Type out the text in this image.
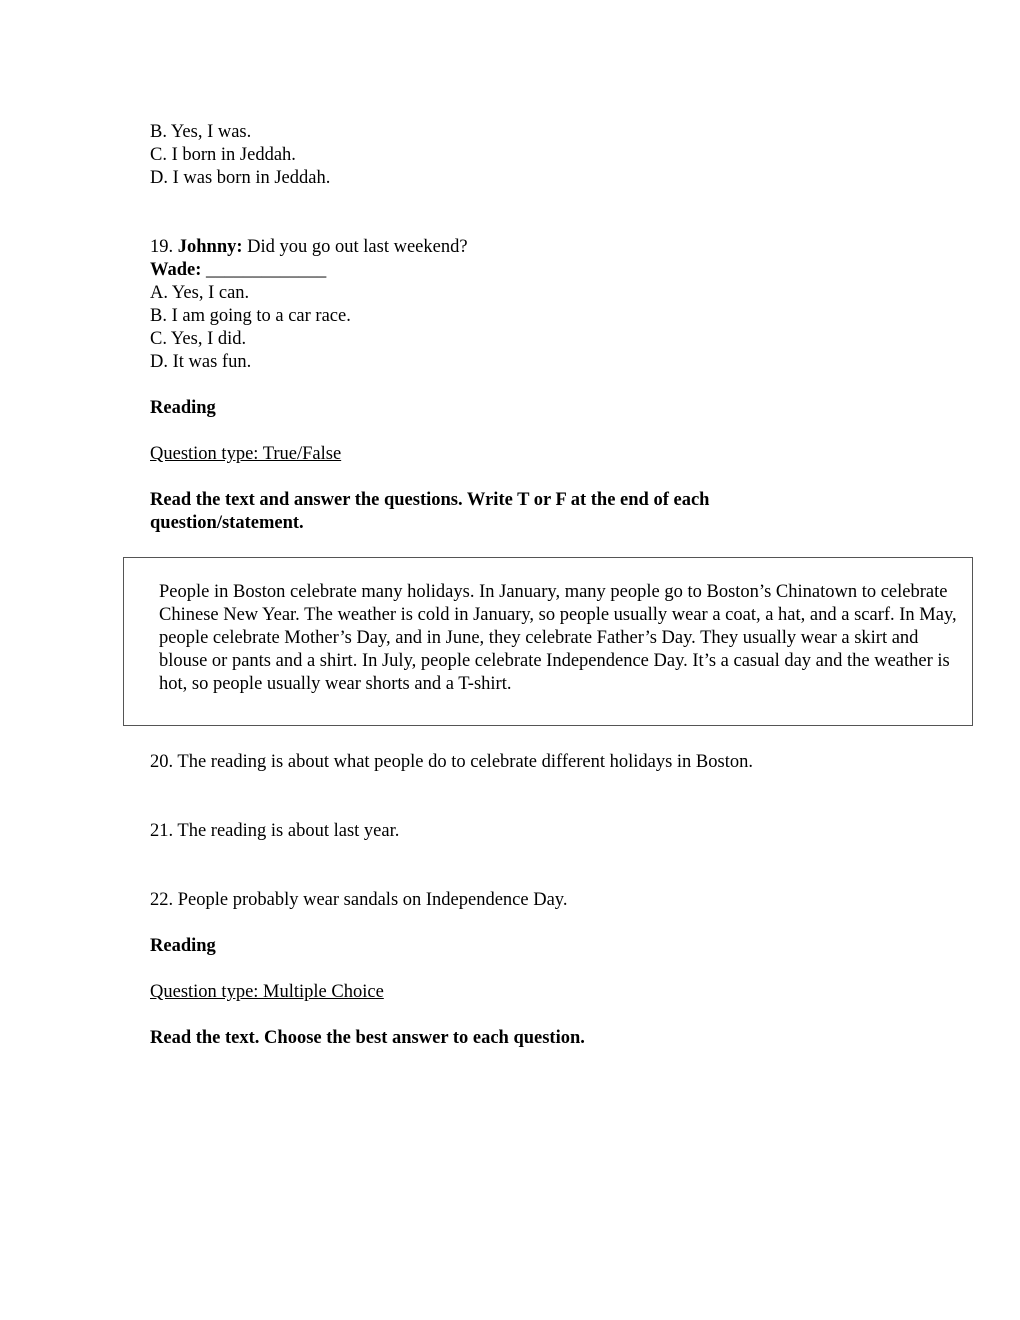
B. Yes, I was.
C. I born in Jeddah.
D. I was born in Jeddah.
19. Johnny: Did you go out last weekend?
Wade: _____________
A. Yes, I can.
B. I am going to a car race.
C. Yes, I did.
D. It was fun.
Reading
Question type: True/False
Read the text and answer the questions. Write T or F at the end of each
question/statement.

People in Boston celebrate many holidays. In January, many people go to Boston’s Chinatown to celebrate Chinese New Year. The weather is cold in January, so people usually wear a coat, a hat, and a scarf. In May, people celebrate Mother’s Day, and in June, they celebrate Father’s Day. They usually wear a skirt and blouse or pants and a shirt. In July, people celebrate Independence Day. It’s a casual day and the weather is hot, so people usually wear shorts and a T-shirt.

20. The reading is about what people do to celebrate different holidays in Boston.
21. The reading is about last year.
22. People probably wear sandals on Independence Day.
Reading
Question type: Multiple Choice
Read the text. Choose the best answer to each question.
